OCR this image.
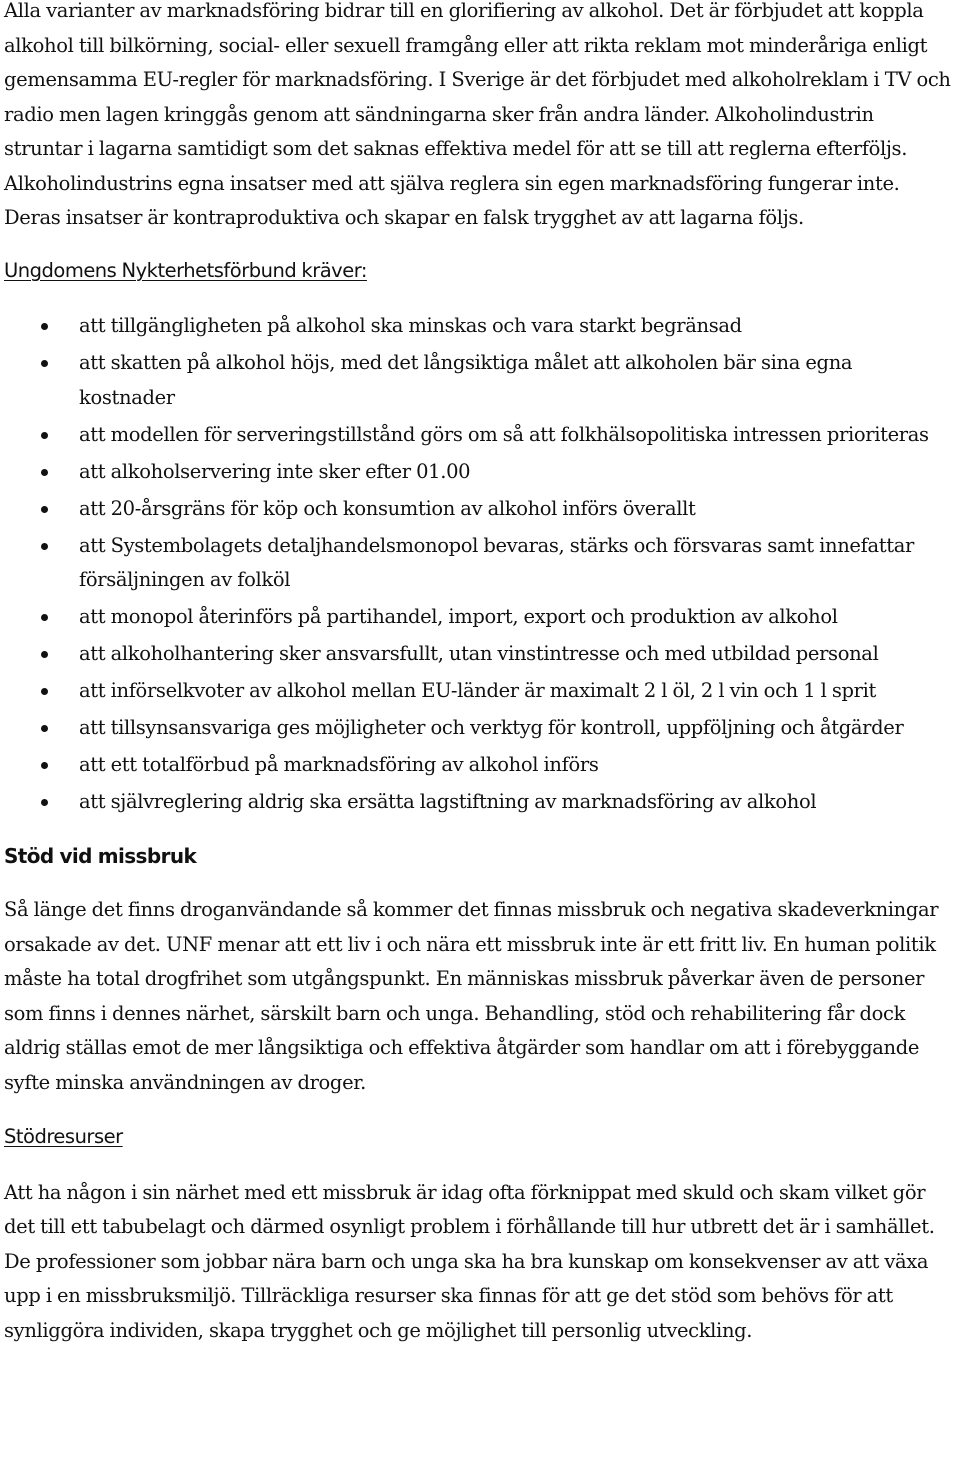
Alla varianter av marknadsföring bidrar till en glorifiering av alkohol. Det är förbjudet att koppla alkohol till bilkörning, social- eller sexuell framgång eller att rikta reklam mot minderåriga enligt gemensamma EU-regler för marknadsföring. I Sverige är det förbjudet med alkoholreklam i TV och radio men lagen kringgås genom att sändningarna sker från andra länder. Alkoholindustrin struntar i lagarna samtidigt som det saknas effektiva medel för att se till att reglerna efterföljs. Alkoholindustrins egna insatser med att själva reglera sin egen marknadsföring fungerar inte. Deras insatser är kontraproduktiva och skapar en falsk trygghet av att lagarna följs.

Ungdomens Nykterhetsförbund kräver:

att tillgängligheten på alkohol ska minskas och vara starkt begränsad
att skatten på alkohol höjs, med det långsiktiga målet att alkoholen bär sina egna kostnader
att modellen för serveringstillstånd görs om så att folkhälsopolitiska intressen prioriteras
att alkoholservering inte sker efter 01.00
att 20-årsgräns för köp och konsumtion av alkohol införs överallt
att Systembolagets detaljhandelsmonopol bevaras, stärks och försvaras samt innefattar försäljningen av folköl
att monopol återinförs på partihandel, import, export och produktion av alkohol
att alkoholhantering sker ansvarsfullt, utan vinstintresse och med utbildad personal
att införselkvoter av alkohol mellan EU-länder är maximalt 2 l öl, 2 l vin och 1 l sprit
att tillsynsansvariga ges möjligheter och verktyg för kontroll, uppföljning och åtgärder
att ett totalförbud på marknadsföring av alkohol införs
att självreglering aldrig ska ersätta lagstiftning av marknadsföring av alkohol

Stöd vid missbruk

Så länge det finns droganvändande så kommer det finnas missbruk och negativa skadeverkningar orsakade av det. UNF menar att ett liv i och nära ett missbruk inte är ett fritt liv. En human politik måste ha total drogfrihet som utgångspunkt. En människas missbruk påverkar även de personer som finns i dennes närhet, särskilt barn och unga. Behandling, stöd och rehabilitering får dock aldrig ställas emot de mer långsiktiga och effektiva åtgärder som handlar om att i förebyggande syfte minska användningen av droger.

Stödresurser

Att ha någon i sin närhet med ett missbruk är idag ofta förknippat med skuld och skam vilket gör det till ett tabubelagt och därmed osynligt problem i förhållande till hur utbrett det är i samhället. De professioner som jobbar nära barn och unga ska ha bra kunskap om konsekvenser av att växa upp i en missbruksmiljö. Tillräckliga resurser ska finnas för att ge det stöd som behövs för att synliggöra individen, skapa trygghet och ge möjlighet till personlig utveckling.
